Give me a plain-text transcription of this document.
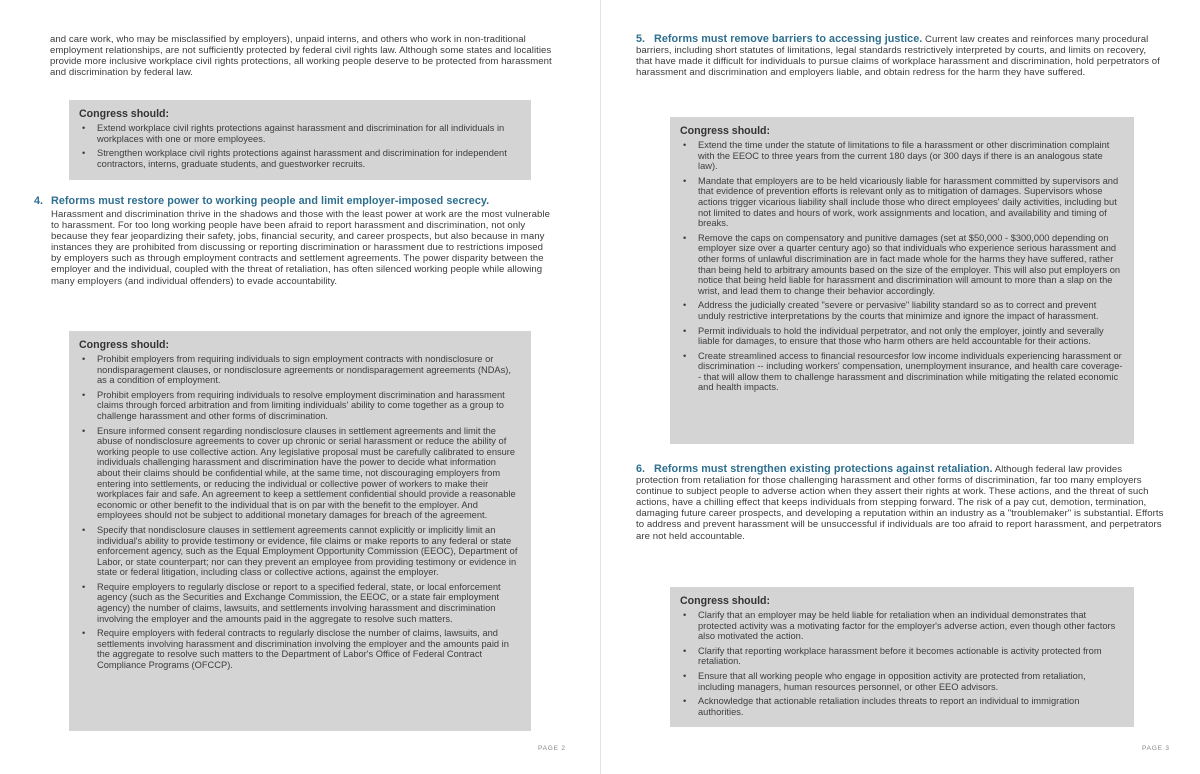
and care work, who may be misclassified by employers), unpaid interns, and others who work in non-traditional employment relationships, are not sufficiently protected by federal civil rights law. Although some states and localities provide more inclusive workplace civil rights protections, all working people deserve to be protected from harassment and discrimination by federal law.

Congress should:
• Extend workplace civil rights protections against harassment and discrimination for all individuals in workplaces with one or more employees.
• Strengthen workplace civil rights protections against harassment and discrimination for independent contractors, interns, graduate students, and guestworker recruits.
4. Reforms must restore power to working people and limit employer-imposed secrecy.

Harassment and discrimination thrive in the shadows and those with the least power at work are the most vulnerable to harassment. For too long working people have been afraid to report harassment and discrimination, not only because they fear jeopardizing their safety, jobs, financial security, and career prospects, but also because in many instances they are prohibited from discussing or reporting discrimination or harassment due to restrictions imposed by employers such as through employment contracts and settlement agreements. The power disparity between the employer and the individual, coupled with the threat of retaliation, has often silenced working people while allowing many employers (and individual offenders) to evade accountability.

Congress should:
• Prohibit employers from requiring individuals to sign employment contracts with nondisclosure or nondisparagement clauses, or nondisclosure agreements or nondisparagement agreements (NDAs), as a condition of employment.
• Prohibit employers from requiring individuals to resolve employment discrimination and harassment claims through forced arbitration and from limiting individuals' ability to come together as a group to challenge harassment and other forms of discrimination.
• Ensure informed consent regarding nondisclosure clauses in settlement agreements and limit the abuse of nondisclosure agreements to cover up chronic or serial harassment or reduce the ability of working people to use collective action. Any legislative proposal must be carefully calibrated to ensure individuals challenging harassment and discrimination have the power to decide what information about their claims should be confidential while, at the same time, not discouraging employers from entering into settlements, or reducing the individual or collective power of workers to make their workplaces fair and safe. An agreement to keep a settlement confidential should provide a reasonable economic or other benefit to the individual that is on par with the benefit to the employer. And employees should not be subject to additional monetary damages for breach of the agreement.
• Specify that nondisclosure clauses in settlement agreements cannot explicitly or implicitly limit an individual's ability to provide testimony or evidence, file claims or make reports to any federal or state enforcement agency, such as the Equal Employment Opportunity Commission (EEOC), Department of Labor, or state counterpart; nor can they prevent an employee from providing testimony or evidence in state or federal litigation, including class or collective actions, against the employer.
• Require employers to regularly disclose or report to a specified federal, state, or local enforcement agency (such as the Securities and Exchange Commission, the EEOC, or a state fair employment agency) the number of claims, lawsuits, and settlements involving harassment and discrimination involving the employer and the amounts paid in the aggregate to resolve such matters.
• Require employers with federal contracts to regularly disclose the number of claims, lawsuits, and settlements involving harassment and discrimination involving the employer and the amounts paid in the aggregate to resolve such matters to the Department of Labor's Office of Federal Contract Compliance Programs (OFCCP).
PAGE 2

5. Reforms must remove barriers to accessing justice. Current law creates and reinforces many procedural barriers, including short statutes of limitations, legal standards restrictively interpreted by courts, and limits on recovery, that have made it difficult for individuals to pursue claims of workplace harassment and discrimination, hold perpetrators of harassment and discrimination and employers liable, and obtain redress for the harm they have suffered.

Congress should:
• Extend the time under the statute of limitations to file a harassment or other discrimination complaint with the EEOC to three years from the current 180 days (or 300 days if there is an analogous state law).
• Mandate that employers are to be held vicariously liable for harassment committed by supervisors and that evidence of prevention efforts is relevant only as to mitigation of damages. Supervisors whose actions trigger vicarious liability shall include those who direct employees' daily activities, including but not limited to dates and hours of work, work assignments and location, and availability and timing of breaks.
• Remove the caps on compensatory and punitive damages (set at $50,000 - $300,000 depending on employer size over a quarter century ago) so that individuals who experience serious harassment and other forms of unlawful discrimination are in fact made whole for the harms they have suffered, rather than being held to arbitrary amounts based on the size of the employer. This will also put employers on notice that being held liable for harassment and discrimination will amount to more than a slap on the wrist, and lead them to change their behavior accordingly.
• Address the judicially created "severe or pervasive" liability standard so as to correct and prevent unduly restrictive interpretations by the courts that minimize and ignore the impact of harassment.
• Permit individuals to hold the individual perpetrator, and not only the employer, jointly and severally liable for damages, to ensure that those who harm others are held accountable for their actions.
• Create streamlined access to financial resourcesfor low income individuals experiencing harassment or discrimination -- including workers' compensation, unemployment insurance, and health care coverage-- that will allow them to challenge harassment and discrimination while mitigating the related economic and health impacts.

6. Reforms must strengthen existing protections against retaliation. Although federal law provides protection from retaliation for those challenging harassment and other forms of discrimination, far too many employers continue to subject people to adverse action when they assert their rights at work. These actions, and the threat of such actions, have a chilling effect that keeps individuals from stepping forward. The risk of a pay cut, demotion, termination, damaging future career prospects, and developing a reputation within an industry as a "troublemaker" is substantial. Efforts to address and prevent harassment will be unsuccessful if individuals are too afraid to report harassment, and perpetrators are not held accountable.

Congress should:
• Clarify that an employer may be held liable for retaliation when an individual demonstrates that protected activity was a motivating factor for the employer's adverse action, even though other factors also motivated the action.
• Clarify that reporting workplace harassment before it becomes actionable is activity protected from retaliation.
• Ensure that all working people who engage in opposition activity are protected from retaliation, including managers, human resources personnel, or other EEO advisors.
• Acknowledge that actionable retaliation includes threats to report an individual to immigration authorities.
PAGE 3
